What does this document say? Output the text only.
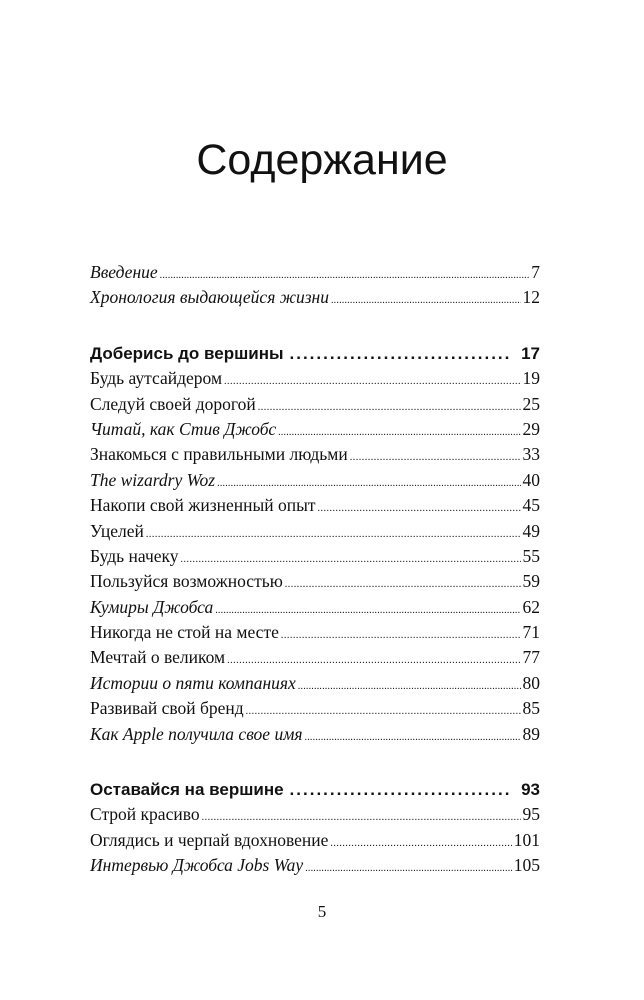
Содержание
Введение .....	7
Хронология выдающейся жизни .....	12
Доберись до вершины .....	17
Будь аутсайдером .....	19
Следуй своей дорогой .....	25
Читай, как Стив Джобс .....	29
Знакомься с правильными людьми .....	33
The wizardry Woz .....	40
Накопи свой жизненный опыт .....	45
Уцелей .....	49
Будь начеку .....	55
Пользуйся возможностью .....	59
Кумиры Джобса .....	62
Никогда не стой на месте .....	71
Мечтай о великом .....	77
Истории о пяти компаниях .....	80
Развивай свой бренд .....	85
Как Apple получила свое имя .....	89
Оставайся на вершине .....	93
Строй красиво .....	95
Оглядись и черпай вдохновение .....	101
Интервью Джобса Jobs Way .....	105
5
